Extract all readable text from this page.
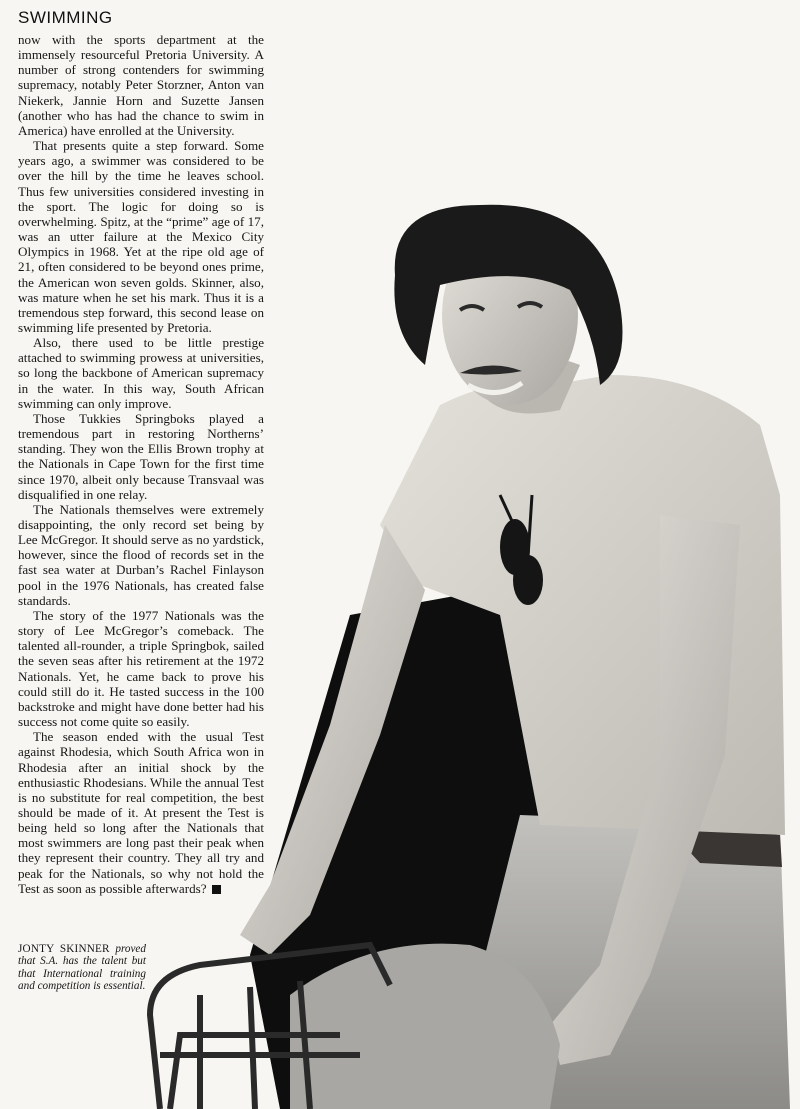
SWIMMING

now with the sports department at the immensely resourceful Pretoria University. A number of strong contenders for swimming supremacy, notably Peter Storzner, Anton van Niekerk, Jannie Horn and Suzette Jansen (another who has had the chance to swim in America) have enrolled at the University.

That presents quite a step forward. Some years ago, a swimmer was considered to be over the hill by the time he leaves school. Thus few universities considered investing in the sport. The logic for doing so is overwhelming. Spitz, at the “prime” age of 17, was an utter failure at the Mexico City Olympics in 1968. Yet at the ripe old age of 21, often considered to be beyond ones prime, the American won seven golds. Skinner, also, was mature when he set his mark. Thus it is a tremendous step forward, this second lease on swimming life presented by Pretoria.

Also, there used to be little prestige attached to swimming prowess at universities, so long the backbone of American supremacy in the water. In this way, South African swimming can only improve.

Those Tukkies Springboks played a tremendous part in restoring Northerns’ standing. They won the Ellis Brown trophy at the Nationals in Cape Town for the first time since 1970, albeit only because Transvaal was disqualified in one relay.

The Nationals themselves were extremely disappointing, the only record set being by Lee McGregor. It should serve as no yardstick, however, since the flood of records set in the fast sea water at Durban’s Rachel Finlayson pool in the 1976 Nationals, has created false standards.

The story of the 1977 Nationals was the story of Lee McGregor’s comeback. The talented all-rounder, a triple Springbok, sailed the seven seas after his retirement at the 1972 Nationals. Yet, he came back to prove his could still do it. He tasted success in the 100 backstroke and might have done better had his success not come quite so easily.

The season ended with the usual Test against Rhodesia, which South Africa won in Rhodesia after an initial shock by the enthusiastic Rhodesians. While the annual Test is no substitute for real competition, the best should be made of it. At present the Test is being held so long after the Nationals that most swimmers are long past their peak when they represent their country. They all try and peak for the Nationals, so why not hold the Test as soon as possible afterwards?

JONTY SKINNER proved that S.A. has the talent but that International training and competition is essential.
